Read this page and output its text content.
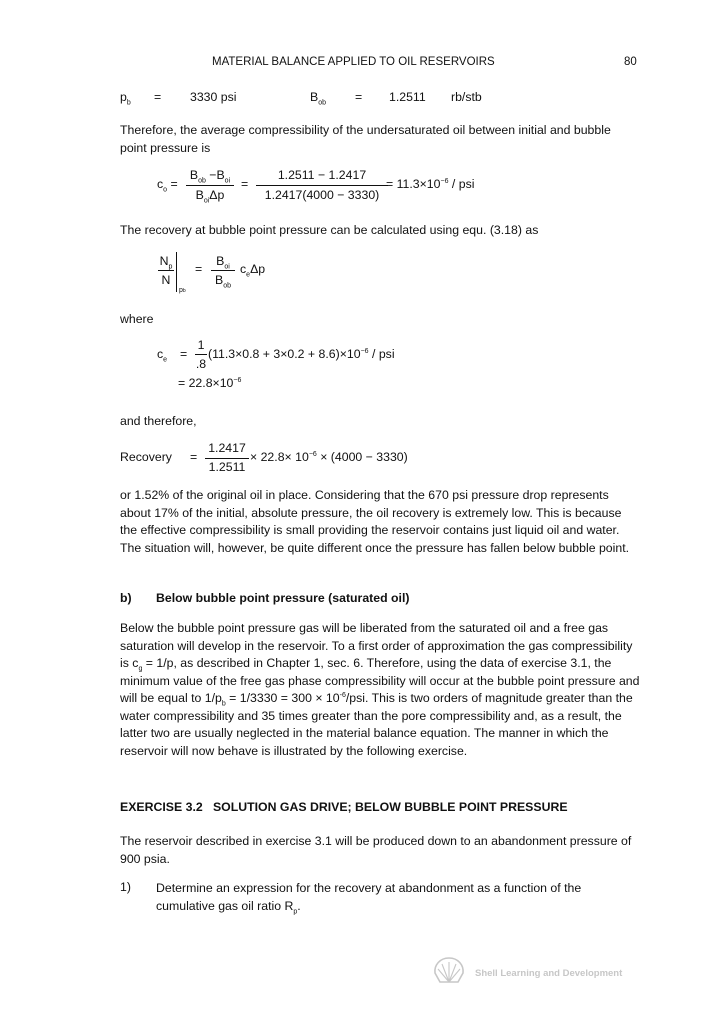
MATERIAL BALANCE APPLIED TO OIL RESERVOIRS	80
$p_b = 3330$ psi	$B_{ob} = 1.2511$ rb/stb
Therefore, the average compressibility of the undersaturated oil between initial and bubble point pressure is
$c_o$ =
$B_{ob} -B_{oi}$
$B_{oi}\Delta p$
=
1.2511 − 1.2417
1.2417(4000 − 3330)
= $11.3\times 10^{-6}$ / psi
The recovery at bubble point pressure can be calculated using equ. (3.18) as
$N_p$
N
pb
=
$B_{oi}$
$B_{ob}$
$c_e\Delta p$
where
$c_e$ =
1
.8
$(11.3\times 0.8 + 3\times 0.2 + 8.6)\times 10^{-6}$ / psi
= $22.8\times 10^{-6}$
and therefore,
Recovery =
1.2417
1.2511
× $22.8\times 10^{-6} \times (4000 - 3330)$
or 1.52% of the original oil in place. Considering that the 670 psi pressure drop represents about 17% of the initial, absolute pressure, the oil recovery is extremely low. This is because the effective compressibility is small providing the reservoir contains just liquid oil and water. The situation will, however, be quite different once the pressure has fallen below bubble point.
b) Below bubble point pressure (saturated oil)
Below the bubble point pressure gas will be liberated from the saturated oil and a free gas saturation will develop in the reservoir. To a first order of approximation the gas compressibility is $c_g = 1/p$, as described in Chapter 1, sec. 6. Therefore, using the data of exercise 3.1, the minimum value of the free gas phase compressibility will occur at the bubble point pressure and will be equal to $1/p_b = 1/3330 = 300 \times 10^{-6}/psi$. This is two orders of magnitude greater than the water compressibility and 35 times greater than the pore compressibility and, as a result, the latter two are usually neglected in the material balance equation. The manner in which the reservoir will now behave is illustrated by the following exercise.
EXERCISE 3.2   SOLUTION GAS DRIVE; BELOW BUBBLE POINT PRESSURE
The reservoir described in exercise 3.1 will be produced down to an abandonment pressure of 900 psia.
1) Determine an expression for the recovery at abandonment as a function of the cumulative gas oil ratio $R_p$.
Shell Learning and Development
